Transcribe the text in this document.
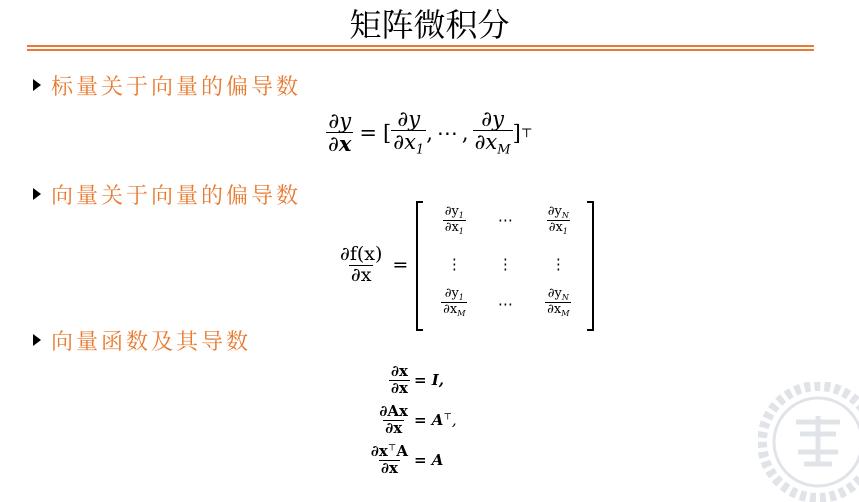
矩阵微积分
标量关于向量的偏导数
$\frac{\partial y}{\partial x}$ = [ $\frac{\partial y}{\partial x_1}$ , ⋯ , $\frac{\partial y}{\partial x_M}$ ] ⊤
向量关于向量的偏导数
$\frac{\partial f(x)}{\partial x}$ =
$\frac{\partial y_1}{\partial x_1}$	⋯	$\frac{\partial y_N}{\partial x_1}$
⋮	⋮	⋮
$\frac{\partial y_1}{\partial x_M}$	⋯	$\frac{\partial y_N}{\partial x_M}$
向量函数及其导数
$\frac{\partial x}{\partial x} = I$,
$\frac{\partial Ax}{\partial x} = A^⊤$,
$\frac{\partial x^⊤A}{\partial x} = A$
